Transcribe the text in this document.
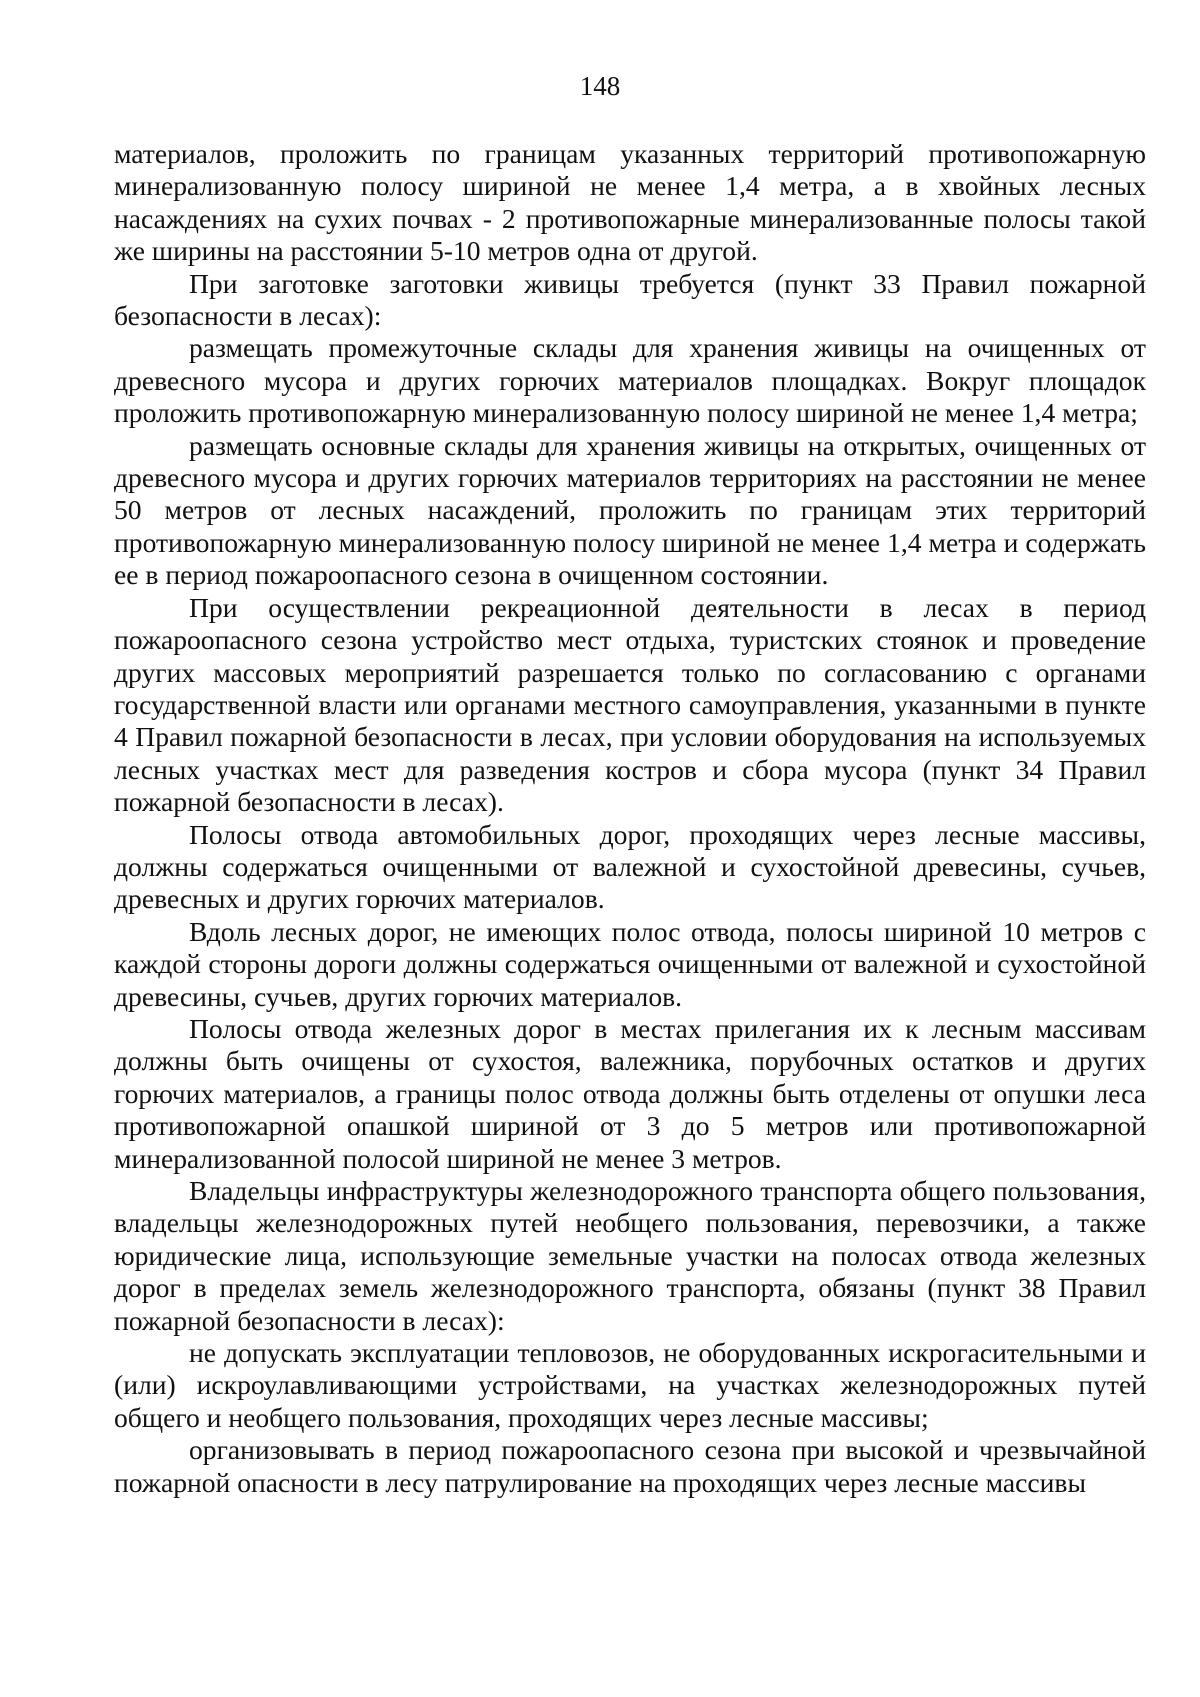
148

материалов, проложить по границам указанных территорий противопожарную минерализованную полосу шириной не менее 1,4 метра, а в хвойных лесных насаждениях на сухих почвах - 2 противопожарные минерализованные полосы такой же ширины на расстоянии 5-10 метров одна от другой.

При заготовке заготовки живицы требуется (пункт 33 Правил пожарной безопасности в лесах):

размещать промежуточные склады для хранения живицы на очищенных от древесного мусора и других горючих материалов площадках. Вокруг площадок проложить противопожарную минерализованную полосу шириной не менее 1,4 метра;

размещать основные склады для хранения живицы на открытых, очищенных от древесного мусора и других горючих материалов территориях на расстоянии не менее 50 метров от лесных насаждений, проложить по границам этих территорий противопожарную минерализованную полосу шириной не менее 1,4 метра и содержать ее в период пожароопасного сезона в очищенном состоянии.

При осуществлении рекреационной деятельности в лесах в период пожароопасного сезона устройство мест отдыха, туристских стоянок и проведение других массовых мероприятий разрешается только по согласованию с органами государственной власти или органами местного самоуправления, указанными в пункте 4 Правил пожарной безопасности в лесах, при условии оборудования на используемых лесных участках мест для разведения костров и сбора мусора (пункт 34 Правил пожарной безопасности в лесах).

Полосы отвода автомобильных дорог, проходящих через лесные массивы, должны содержаться очищенными от валежной и сухостойной древесины, сучьев, древесных и других горючих материалов.

Вдоль лесных дорог, не имеющих полос отвода, полосы шириной 10 метров с каждой стороны дороги должны содержаться очищенными от валежной и сухостойной древесины, сучьев, других горючих материалов.

Полосы отвода железных дорог в местах прилегания их к лесным массивам должны быть очищены от сухостоя, валежника, порубочных остатков и других горючих материалов, а границы полос отвода должны быть отделены от опушки леса противопожарной опашкой шириной от 3 до 5 метров или противопожарной минерализованной полосой шириной не менее 3 метров.

Владельцы инфраструктуры железнодорожного транспорта общего пользования, владельцы железнодорожных путей необщего пользования, перевозчики, а также юридические лица, использующие земельные участки на полосах отвода железных дорог в пределах земель железнодорожного транспорта, обязаны (пункт 38 Правил пожарной безопасности в лесах):

не допускать эксплуатации тепловозов, не оборудованных искрогасительными и (или) искроулавливающими устройствами, на участках железнодорожных путей общего и необщего пользования, проходящих через лесные массивы;

организовывать в период пожароопасного сезона при высокой и чрезвычайной пожарной опасности в лесу патрулирование на проходящих через лесные массивы
